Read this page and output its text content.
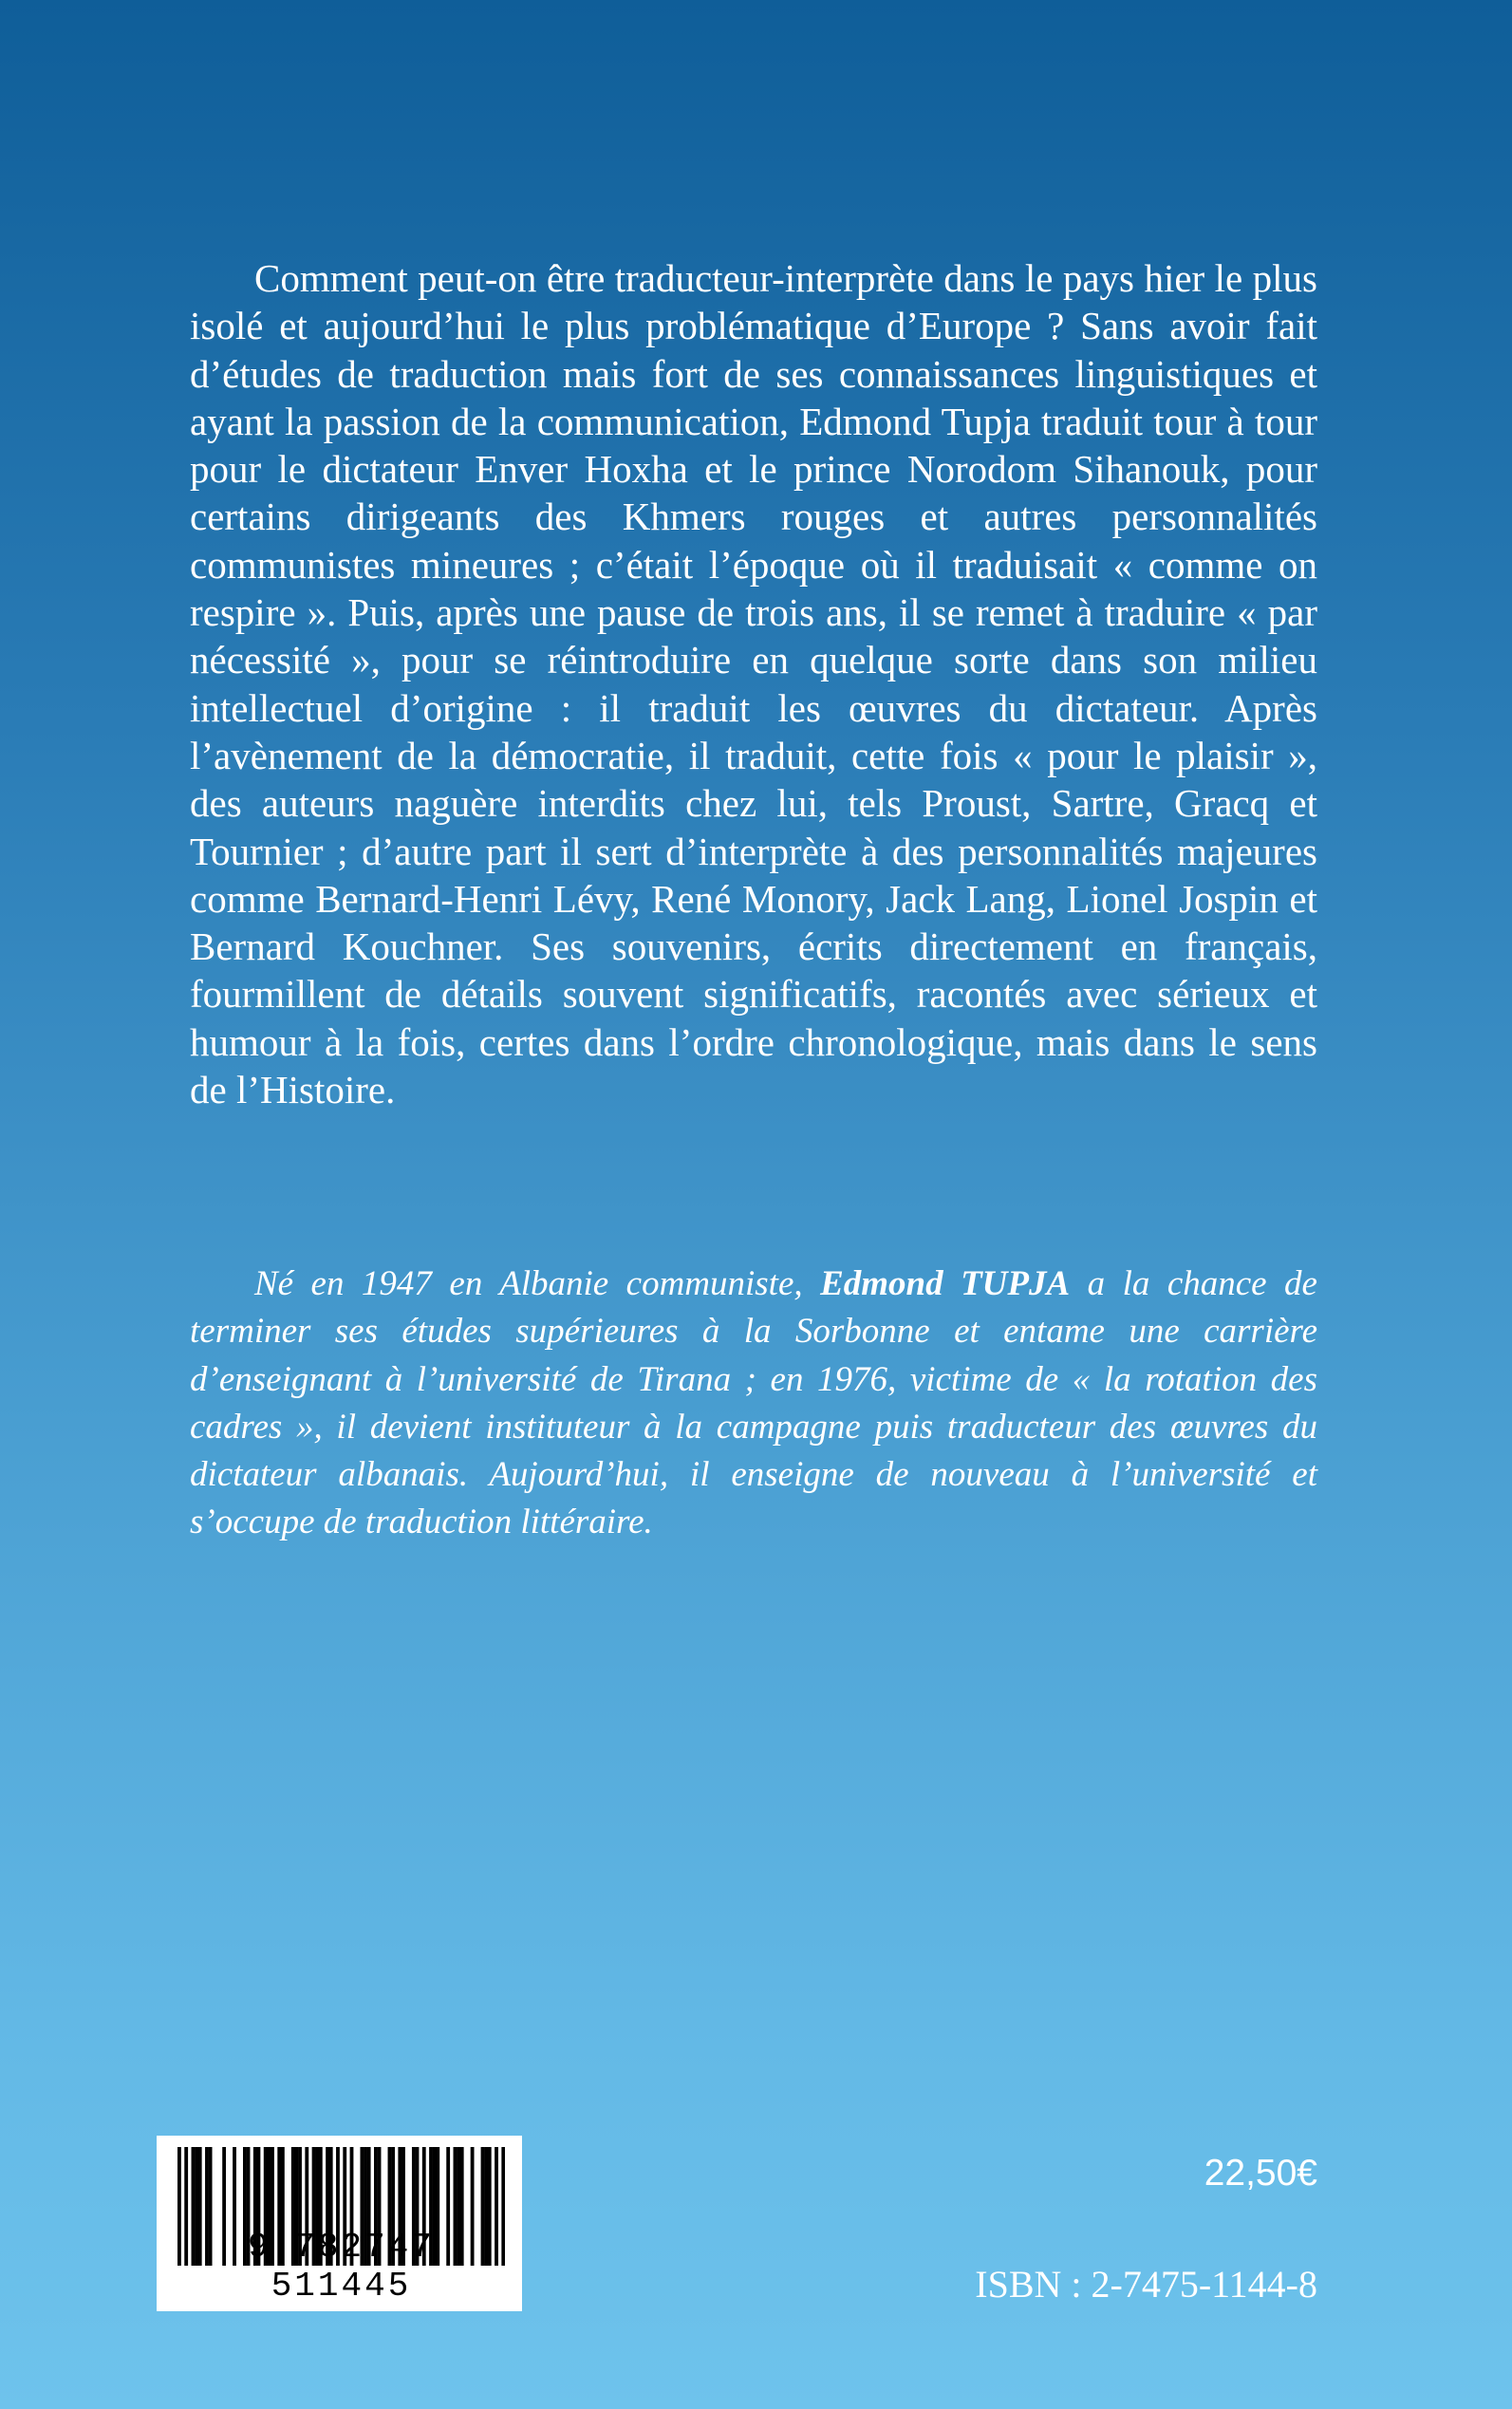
Comment peut-on être traducteur-interprète dans le pays hier le plus isolé et aujourd’hui le plus problématique d’Europe ? Sans avoir fait d’études de traduction mais fort de ses connaissances linguistiques et ayant la passion de la communication, Edmond Tupja traduit tour à tour pour le dictateur Enver Hoxha et le prince Norodom Sihanouk, pour certains dirigeants des Khmers rouges et autres personnalités communistes mineures ; c’était l’époque où il traduisait « comme on respire ». Puis, après une pause de trois ans, il se remet à traduire « par nécessité », pour se réintroduire en quelque sorte dans son milieu intellectuel d’origine : il traduit les œuvres du dictateur. Après l’avènement de la démocratie, il traduit, cette fois « pour le plaisir », des auteurs naguère interdits chez lui, tels Proust, Sartre, Gracq et Tournier ; d’autre part il sert d’interprète à des personnalités majeures comme Bernard-Henri Lévy, René Monory, Jack Lang, Lionel Jospin et Bernard Kouchner. Ses souvenirs, écrits directement en français, fourmillent de détails souvent significatifs, racontés avec sérieux et humour à la fois, certes dans l’ordre chronologique, mais dans le sens de l’Histoire.

Né en 1947 en Albanie communiste, Edmond TUPJA a la chance de terminer ses études supérieures à la Sorbonne et entame une carrière d’enseignant à l’université de Tirana ; en 1976, victime de « la rotation des cadres », il devient instituteur à la campagne puis traducteur des œuvres du dictateur albanais. Aujourd’hui, il enseigne de nouveau à l’université et s’occupe de traduction littéraire.

9 782747 511445
22,50€
ISBN : 2-7475-1144-8
